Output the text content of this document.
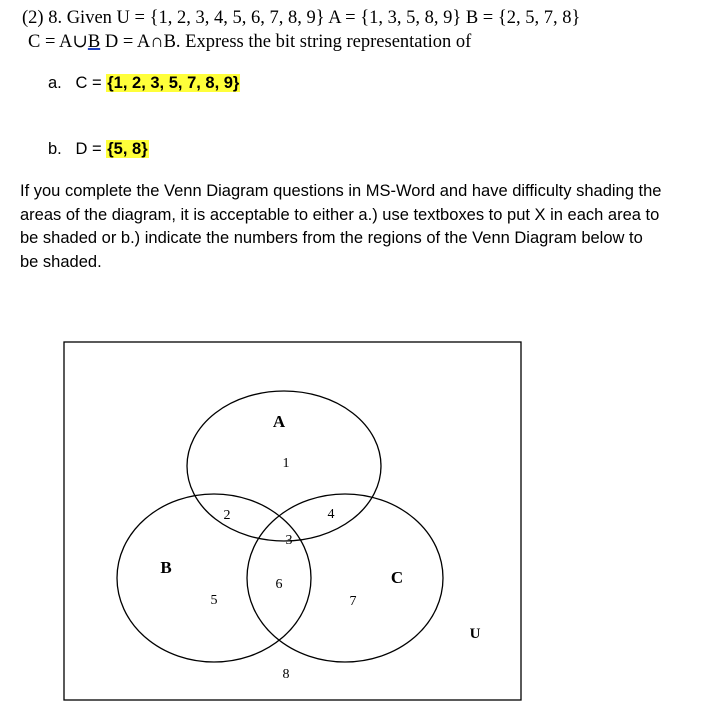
(2) 8. Given U = {1, 2, 3, 4, 5, 6, 7, 8, 9} A = {1, 3, 5, 8, 9} B = {2, 5, 7, 8}
C = A∪B D = A∩B. Express the bit string representation of
a. C = {1, 2, 3, 5, 7, 8, 9}
b. D = {5, 8}
If you complete the Venn Diagram questions in MS-Word and have difficulty shading the
areas of the diagram, it is acceptable to either a.) use textboxes to put X in each area to
be shaded or b.) indicate the numbers from the regions of the Venn Diagram below to
be shaded.
A
B
C
U
1
2
3
4
5
6
7
8
